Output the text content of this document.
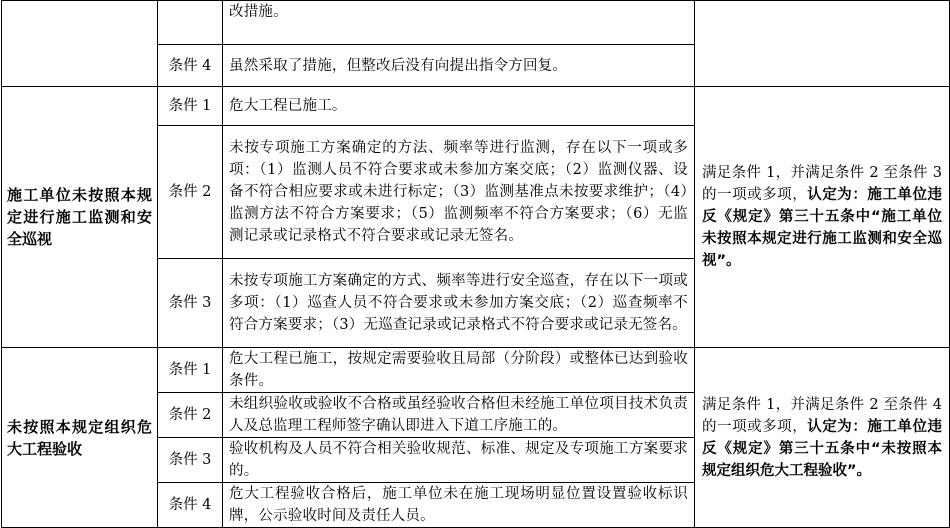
		改措施。	
	条件 4	虽然采取了措施，但整改后没有向提出指令方回复。	
施工单位未按照本规定进行施工监测和安全巡视	条件 1	危大工程已施工。	满足条件 1，并满足条件 2 至条件 3 的一项或多项，认定为：施工单位违反《规定》第三十五条中“施工单位未按照本规定进行施工监测和安全巡视”。
	条件 2	未按专项施工方案确定的方法、频率等进行监测，存在以下一项或多项：（1）监测人员不符合要求或未参加方案交底；（2）监测仪器、设备不符合相应要求或未进行标定；（3）监测基准点未按要求维护；（4）监测方法不符合方案要求；（5）监测频率不符合方案要求；（6）无监测记录或记录格式不符合要求或记录无签名。	
	条件 3	未按专项施工方案确定的方式、频率等进行安全巡查，存在以下一项或多项：（1）巡查人员不符合要求或未参加方案交底；（2）巡查频率不符合方案要求；（3）无巡查记录或记录格式不符合要求或记录无签名。	
未按照本规定组织危大工程验收	条件 1	危大工程已施工，按规定需要验收且局部（分阶段）或整体已达到验收条件。	满足条件 1，并满足条件 2 至条件 4 的一项或多项，认定为：施工单位违反《规定》第三十五条中“未按照本规定组织危大工程验收”。
	条件 2	未组织验收或验收不合格或虽经验收合格但未经施工单位项目技术负责人及总监理工程师签字确认即进入下道工序施工的。	
	条件 3	验收机构及人员不符合相关验收规范、标准、规定及专项施工方案要求的。	
	条件 4	危大工程验收合格后，施工单位未在施工现场明显位置设置验收标识牌，公示验收时间及责任人员。	
